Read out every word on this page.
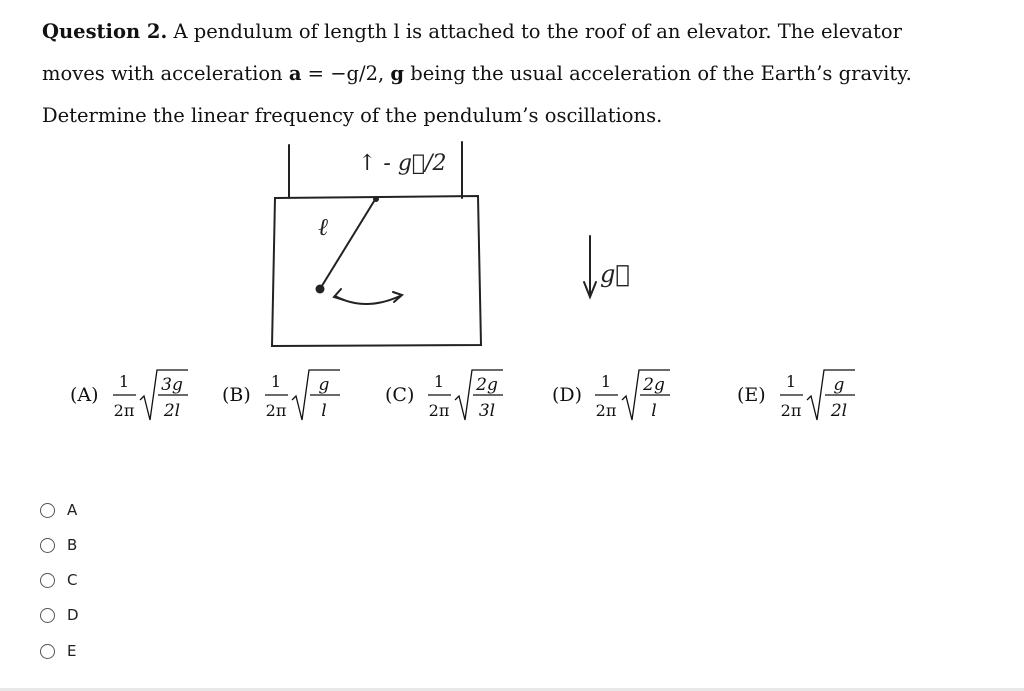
Question 2. A pendulum of length l is attached to the roof of an elevator. The elevator
moves with acceleration a = −g/2, g being the usual acceleration of the Earth’s gravity.
Determine the linear frequency of the pendulum’s oscillations.
↑ - g⃗/2
ℓ
g⃗
(A)
1
2π
3g
2l
(B)
1
2π
g
l
(C)
1
2π
2g
3l
(D)
1
2π
2g
l
(E)
1
2π
g
2l
A
B
C
D
E
